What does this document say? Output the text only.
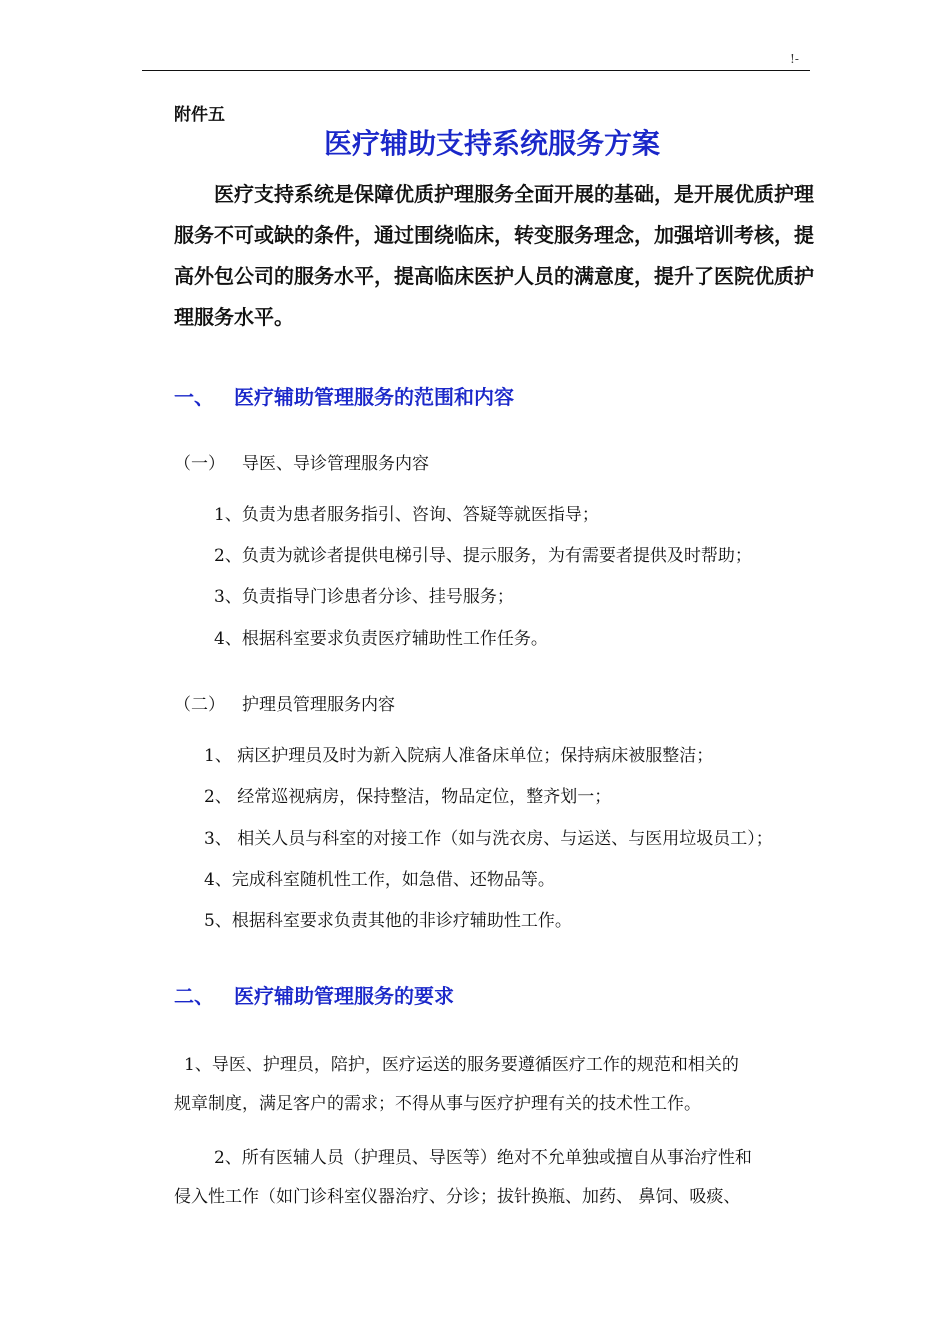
!-
附件五
医疗辅助支持系统服务方案

医疗支持系统是保障优质护理服务全面开展的基础，是开展优质护理服务不可或缺的条件，通过围绕临床，转变服务理念，加强培训考核，提高外包公司的服务水平，提高临床医护人员的满意度，提升了医院优质护理服务水平。

一、 医疗辅助管理服务的范围和内容
（一） 导医、导诊管理服务内容
1、负责为患者服务指引、咨询、答疑等就医指导；
2、负责为就诊者提供电梯引导、提示服务，为有需要者提供及时帮助；
3、负责指导门诊患者分诊、挂号服务；
4、根据科室要求负责医疗辅助性工作任务。
（二） 护理员管理服务内容
1、 病区护理员及时为新入院病人准备床单位；保持病床被服整洁；
2、 经常巡视病房，保持整洁，物品定位，整齐划一；
3、 相关人员与科室的对接工作（如与洗衣房、与运送、与医用垃圾员工）；
4、完成科室随机性工作，如急借、还物品等。
5、根据科室要求负责其他的非诊疗辅助性工作。
二、 医疗辅助管理服务的要求
1、导医、护理员，陪护，医疗运送的服务要遵循医疗工作的规范和相关的
规章制度，满足客户的需求；不得从事与医疗护理有关的技术性工作。
2、所有医辅人员（护理员、导医等）绝对不允单独或擅自从事治疗性和
侵入性工作（如门诊科室仪器治疗、分诊；拔针换瓶、加药、 鼻饲、吸痰、
